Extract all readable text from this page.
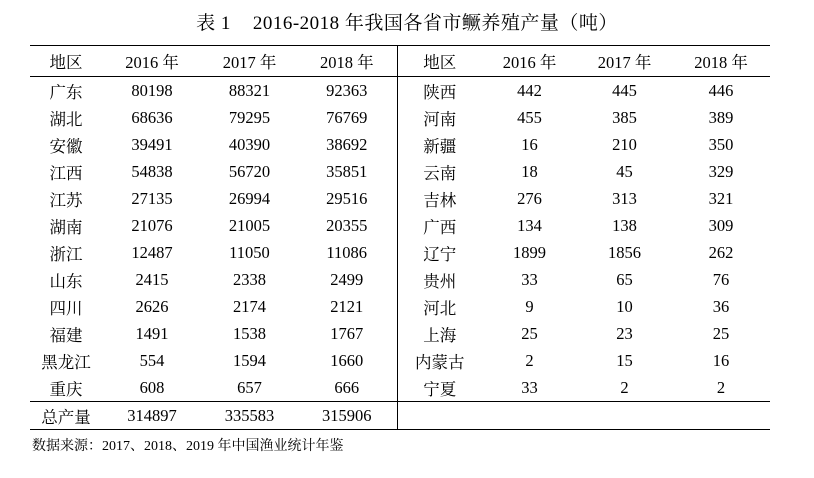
表 1 2016-2018 年我国各省市鳜养殖产量（吨）
地区	2016 年	2017 年	2018 年	地区	2016 年	2017 年	2018 年
广东	80198	88321	92363	陕西	442	445	446
湖北	68636	79295	76769	河南	455	385	389
安徽	39491	40390	38692	新疆	16	210	350
江西	54838	56720	35851	云南	18	45	329
江苏	27135	26994	29516	吉林	276	313	321
湖南	21076	21005	20355	广西	134	138	309
浙江	12487	11050	11086	辽宁	1899	1856	262
山东	2415	2338	2499	贵州	33	65	76
四川	2626	2174	2121	河北	9	10	36
福建	1491	1538	1767	上海	25	23	25
黑龙江	554	1594	1660	内蒙古	2	15	16
重庆	608	657	666	宁夏	33	2	2
总产量	314897	335583	315906				
数据来源：2017、2018、2019 年中国渔业统计年鉴
